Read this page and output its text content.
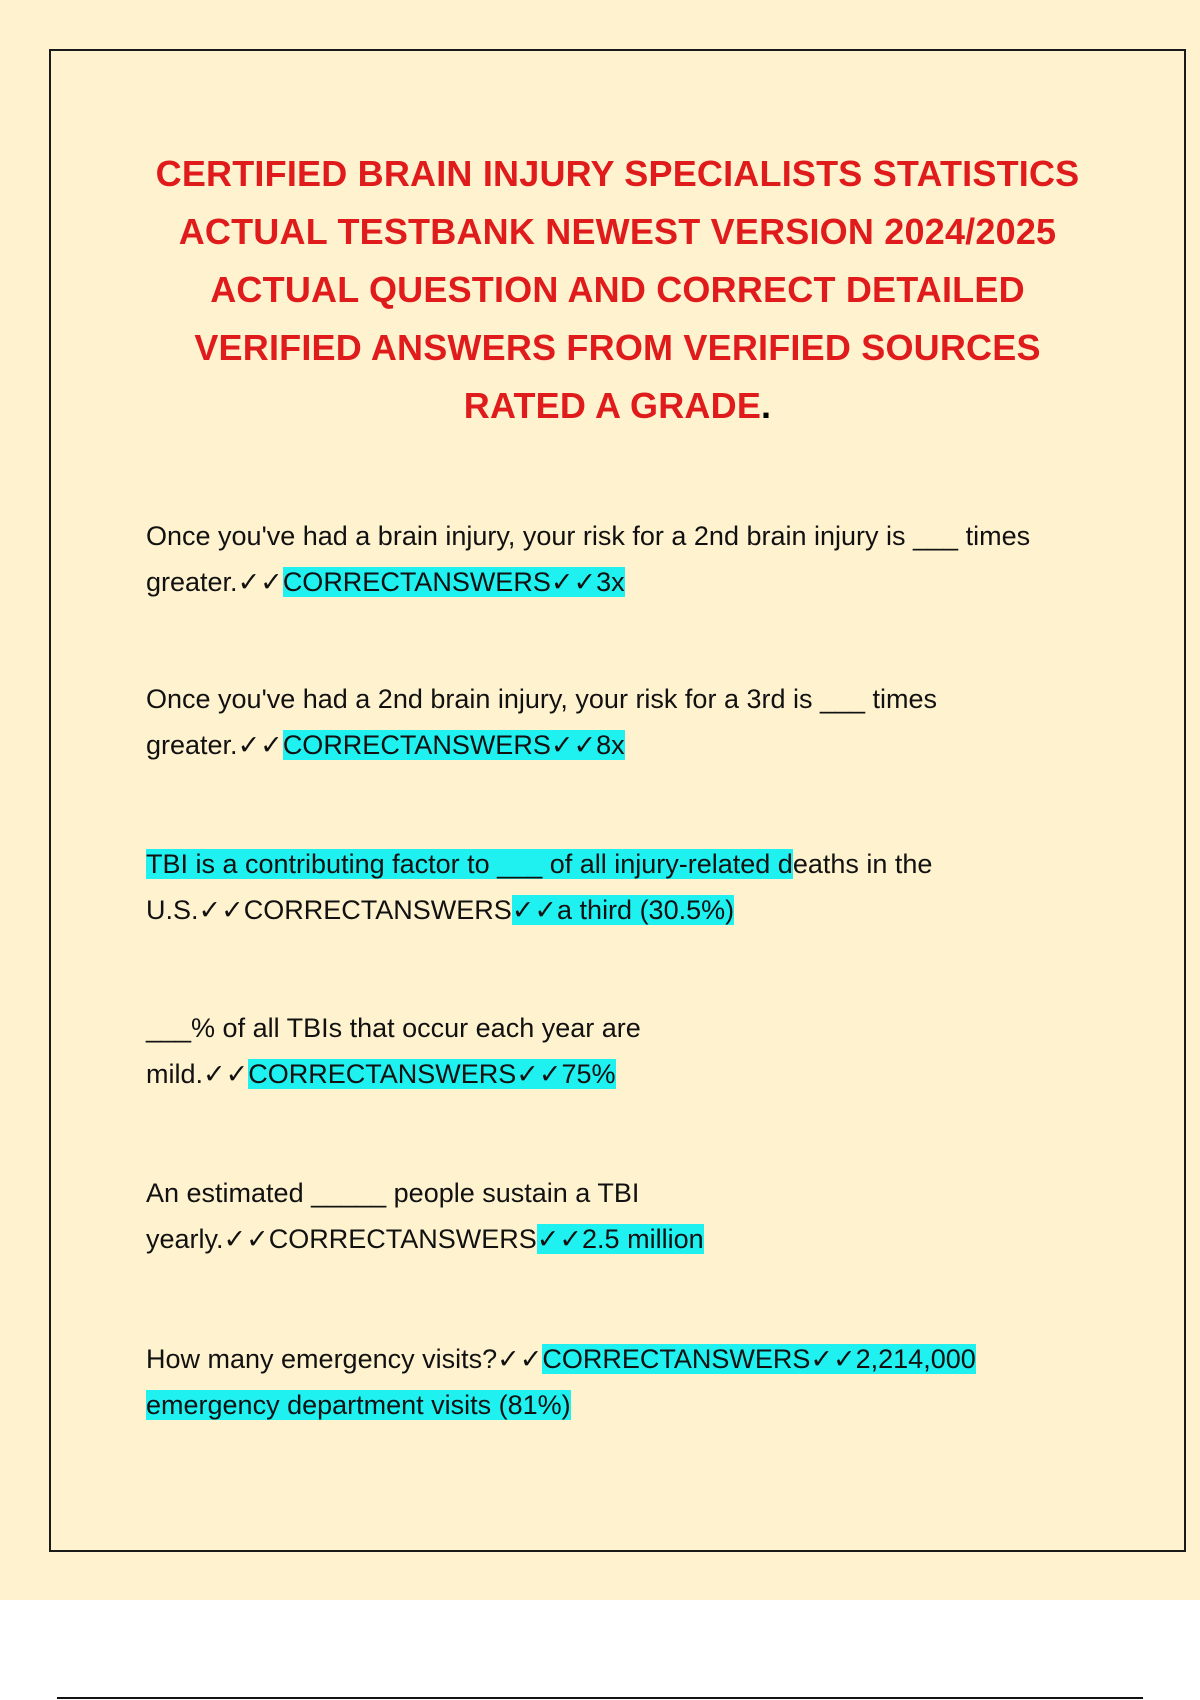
CERTIFIED BRAIN INJURY SPECIALISTS STATISTICS ACTUAL TESTBANK NEWEST VERSION 2024/2025 ACTUAL QUESTION AND CORRECT DETAILED VERIFIED ANSWERS FROM VERIFIED SOURCES RATED A GRADE.

Once you've had a brain injury, your risk for a 2nd brain injury is ___ times greater.✓✓CORRECTANSWERS✓✓3x

Once you've had a 2nd brain injury, your risk for a 3rd is ___ times greater.✓✓CORRECTANSWERS✓✓8x

TBI is a contributing factor to ___ of all injury-related deaths in the U.S.✓✓CORRECTANSWERS✓✓a third (30.5%)

___% of all TBIs that occur each year are mild.✓✓CORRECTANSWERS✓✓75%

An estimated _____ people sustain a TBI yearly.✓✓CORRECTANSWERS✓✓2.5 million

How many emergency visits?✓✓CORRECTANSWERS✓✓2,214,000 emergency department visits (81%)
